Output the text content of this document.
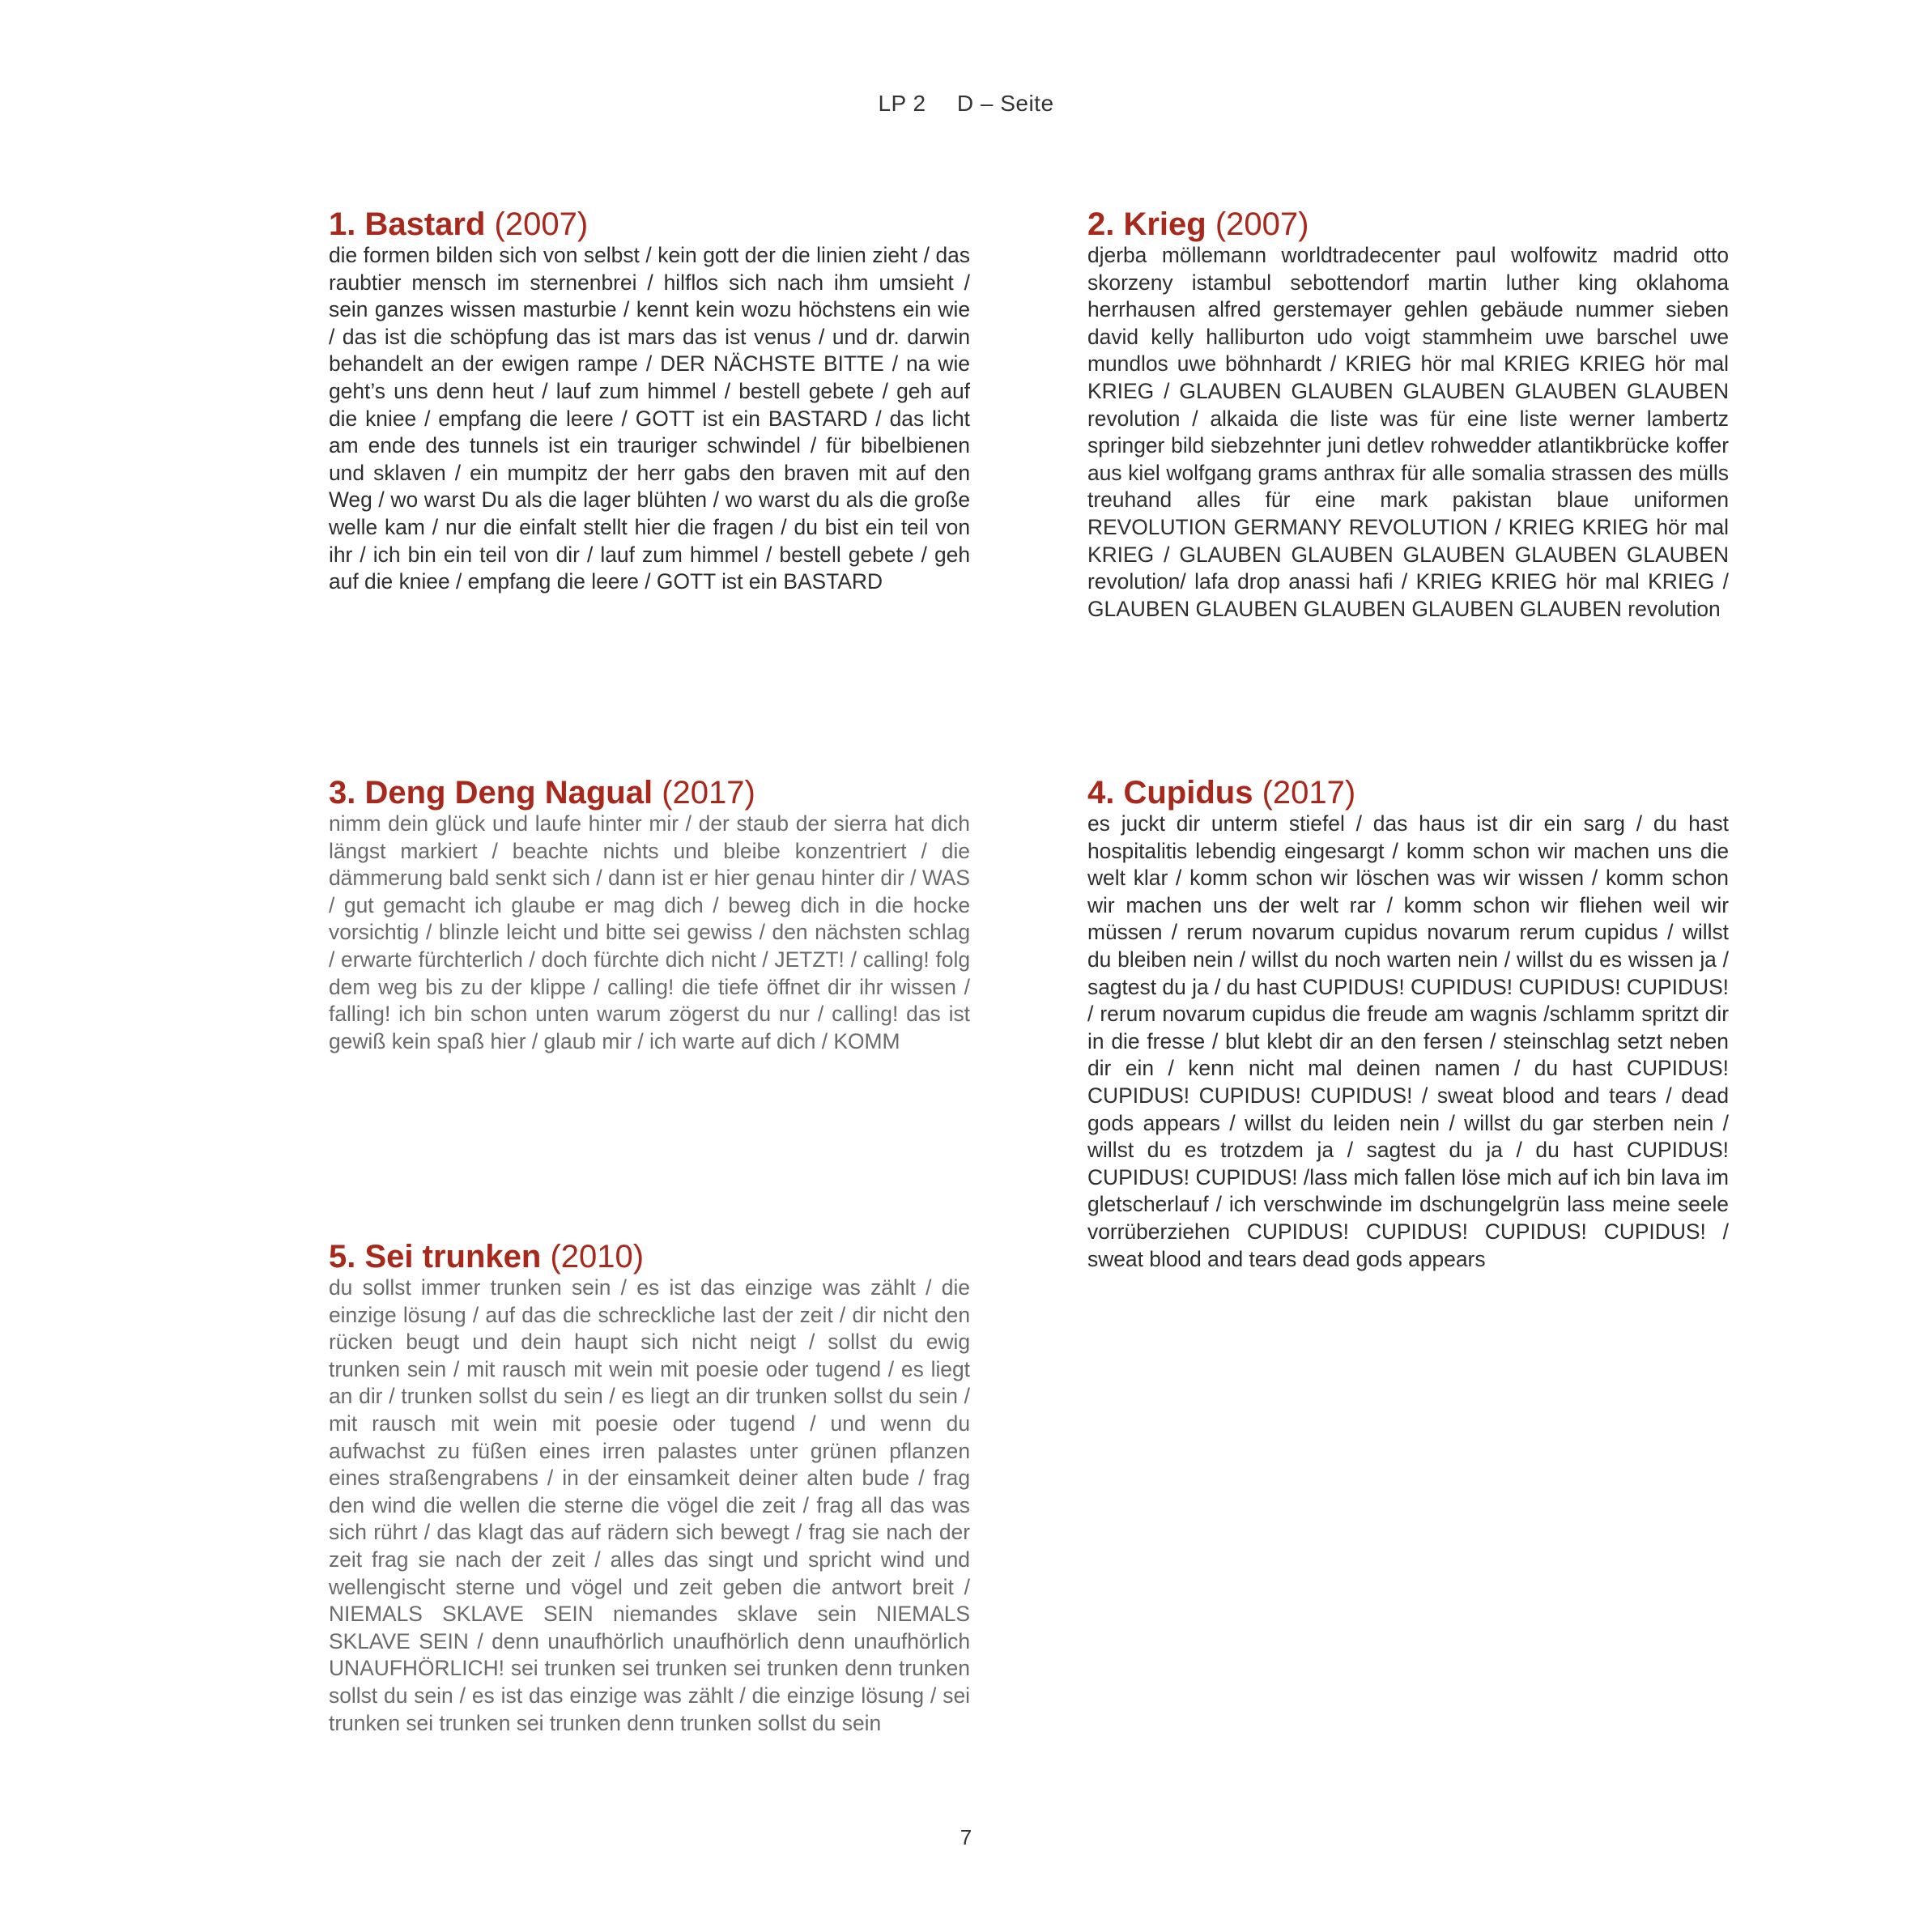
LP 2 D – Seite
1. Bastard (2007)

die formen bilden sich von selbst / kein gott der die linien zieht / das raubtier mensch im sternenbrei / hilflos sich nach ihm umsieht / sein ganzes wissen masturbie / kennt kein wozu höchstens ein wie / das ist die schöpfung das ist mars das ist venus / und dr. darwin behandelt an der ewigen rampe / DER NÄCHSTE BITTE / na wie geht’s uns denn heut / lauf zum himmel / bestell gebete / geh auf die kniee / empfang die leere / GOTT ist ein BASTARD / das licht am ende des tunnels ist ein trauriger schwindel / für bibelbienen und sklaven / ein mumpitz der herr gabs den braven mit auf den Weg / wo warst Du als die lager blühten / wo warst du als die große welle kam / nur die einfalt stellt hier die fragen / du bist ein teil von ihr / ich bin ein teil von dir / lauf zum himmel / bestell gebete / geh auf die kniee / empfang die leere / GOTT ist ein BASTARD

2. Krieg (2007)

djerba möllemann worldtradecenter paul wolfowitz madrid otto skorzeny istambul sebottendorf martin luther king oklahoma herrhausen alfred gerstemayer gehlen gebäude nummer sieben david kelly halliburton udo voigt stammheim uwe barschel uwe mundlos uwe böhnhardt / KRIEG hör mal KRIEG KRIEG hör mal KRIEG / GLAUBEN GLAUBEN GLAUBEN GLAUBEN GLAUBEN revolution / alkaida die liste was für eine liste werner lambertz springer bild siebzehnter juni detlev rohwedder atlantikbrücke koffer aus kiel wolfgang grams anthrax für alle somalia strassen des mülls treuhand alles für eine mark pakistan blaue uniformen REVOLUTION GERMANY REVOLUTION / KRIEG KRIEG hör mal KRIEG / GLAUBEN GLAUBEN GLAUBEN GLAUBEN GLAUBEN revolution/ lafa drop anassi hafi / KRIEG KRIEG hör mal KRIEG / GLAUBEN GLAUBEN GLAUBEN GLAUBEN GLAUBEN revolution

3. Deng Deng Nagual (2017)

nimm dein glück und laufe hinter mir / der staub der sierra hat dich längst markiert / beachte nichts und bleibe konzentriert / die dämmerung bald senkt sich / dann ist er hier genau hinter dir / WAS / gut gemacht ich glaube er mag dich / beweg dich in die hocke vorsichtig / blinzle leicht und bitte sei gewiss / den nächsten schlag / erwarte fürchterlich / doch fürchte dich nicht / JETZT! / calling! folg dem weg bis zu der klippe / calling! die tiefe öffnet dir ihr wissen / falling! ich bin schon unten warum zögerst du nur / calling! das ist gewiß kein spaß hier / glaub mir / ich warte auf dich / KOMM

4. Cupidus (2017)

es juckt dir unterm stiefel / das haus ist dir ein sarg / du hast hospitalitis lebendig eingesargt / komm schon wir machen uns die welt klar / komm schon wir löschen was wir wissen / komm schon wir machen uns der welt rar / komm schon wir fliehen weil wir müssen / rerum novarum cupidus novarum rerum cupidus / willst du bleiben nein / willst du noch warten nein / willst du es wissen ja / sagtest du ja / du hast CUPIDUS! CUPIDUS! CUPIDUS! CUPIDUS! / rerum novarum cupidus die freude am wagnis /schlamm spritzt dir in die fresse / blut klebt dir an den fersen / steinschlag setzt neben dir ein / kenn nicht mal deinen namen / du hast CUPIDUS! CUPIDUS! CUPIDUS! CUPIDUS! / sweat blood and tears / dead gods appears / willst du leiden nein / willst du gar sterben nein / willst du es trotzdem ja / sagtest du ja / du hast CUPIDUS! CUPIDUS! CUPIDUS! /lass mich fallen löse mich auf ich bin lava im gletscherlauf / ich verschwinde im dschungelgrün lass meine seele vorrüberziehen CUPIDUS! CUPIDUS! CUPIDUS! CUPIDUS! / sweat blood and tears dead gods appears

5. Sei trunken (2010)

du sollst immer trunken sein / es ist das einzige was zählt / die einzige lösung / auf das die schreckliche last der zeit / dir nicht den rücken beugt und dein haupt sich nicht neigt / sollst du ewig trunken sein / mit rausch mit wein mit poesie oder tugend / es liegt an dir / trunken sollst du sein / es liegt an dir trunken sollst du sein / mit rausch mit wein mit poesie oder tugend / und wenn du aufwachst zu füßen eines irren palastes unter grünen pflanzen eines straßengrabens / in der einsamkeit deiner alten bude / frag den wind die wellen die sterne die vögel die zeit / frag all das was sich rührt / das klagt das auf rädern sich bewegt / frag sie nach der zeit frag sie nach der zeit / alles das singt und spricht wind und wellengischt sterne und vögel und zeit geben die antwort breit / NIEMALS SKLAVE SEIN niemandes sklave sein NIEMALS SKLAVE SEIN / denn unaufhörlich unaufhörlich denn unaufhörlich UNAUFHÖRLICH! sei trunken sei trunken sei trunken denn trunken sollst du sein / es ist das einzige was zählt / die einzige lösung / sei trunken sei trunken sei trunken denn trunken sollst du sein

7
